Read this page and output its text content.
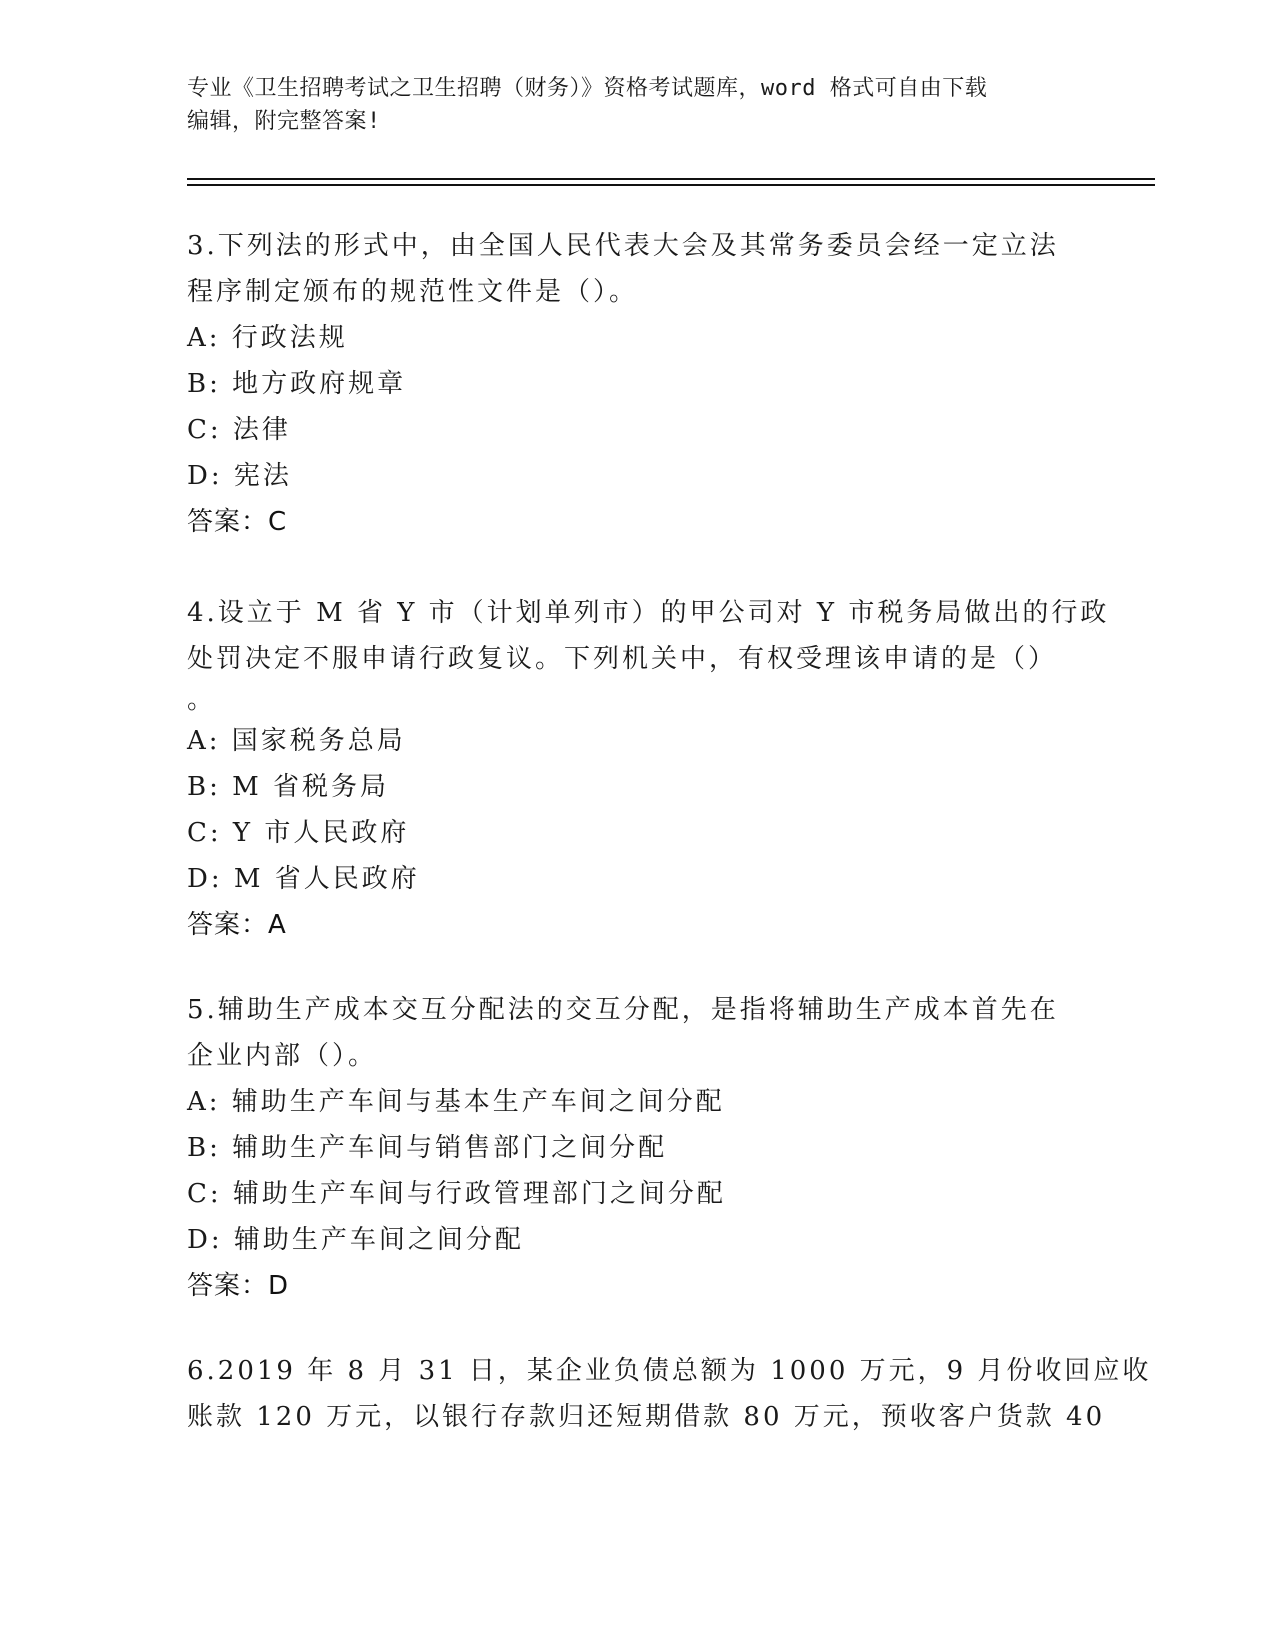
专业《卫生招聘考试之卫生招聘（财务）》资格考试题库，word 格式可自由下载
编辑，附完整答案!
3.下列法的形式中，由全国人民代表大会及其常务委员会经一定立法
程序制定颁布的规范性文件是（）。
A: 行政法规
B: 地方政府规章
C: 法律
D: 宪法
答案：C
4.设立于 M 省 Y 市（计划单列市）的甲公司对 Y 市税务局做出的行政
处罚决定不服申请行政复议。下列机关中，有权受理该申请的是（）
。
A: 国家税务总局
B: M 省税务局
C: Y 市人民政府
D: M 省人民政府
答案：A
5.辅助生产成本交互分配法的交互分配，是指将辅助生产成本首先在
企业内部（）。
A: 辅助生产车间与基本生产车间之间分配
B: 辅助生产车间与销售部门之间分配
C: 辅助生产车间与行政管理部门之间分配
D: 辅助生产车间之间分配
答案：D
6.2019 年 8 月 31 日，某企业负债总额为 1000 万元，9 月份收回应收
账款 120 万元，以银行存款归还短期借款 80 万元，预收客户货款 40
